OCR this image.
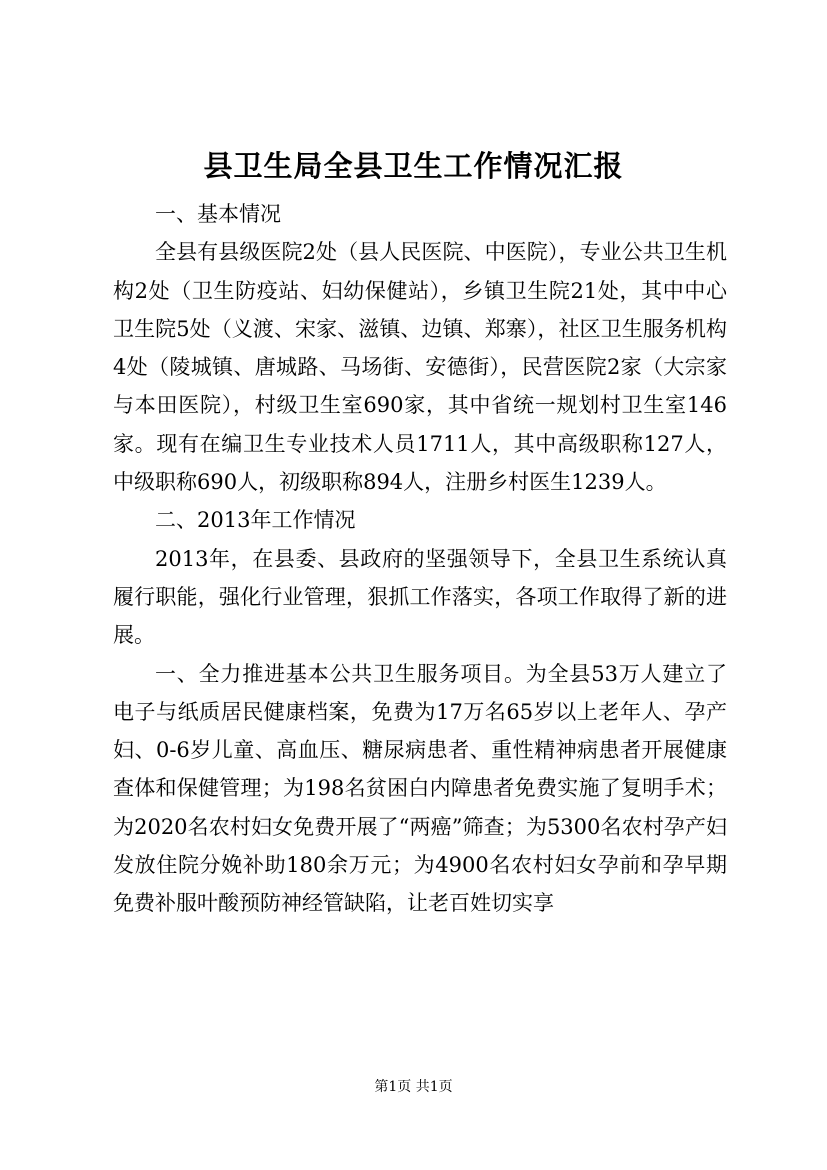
县卫生局全县卫生工作情况汇报

一、基本情况

全县有县级医院2处（县人民医院、中医院），专业公共卫生机构2处（卫生防疫站、妇幼保健站），乡镇卫生院21处，其中中心卫生院5处（义渡、宋家、滋镇、边镇、郑寨），社区卫生服务机构4处（陵城镇、唐城路、马场街、安德街），民营医院2家（大宗家与本田医院），村级卫生室690家，其中省统一规划村卫生室146家。现有在编卫生专业技术人员1711人，其中高级职称127人，中级职称690人，初级职称894人，注册乡村医生1239人。

二、2013年工作情况

2013年，在县委、县政府的坚强领导下，全县卫生系统认真履行职能，强化行业管理，狠抓工作落实，各项工作取得了新的进展。

一、全力推进基本公共卫生服务项目。为全县53万人建立了电子与纸质居民健康档案，免费为17万名65岁以上老年人、孕产妇、0-6岁儿童、高血压、糖尿病患者、重性精神病患者开展健康查体和保健管理；为198名贫困白内障患者免费实施了复明手术；为2020名农村妇女免费开展了“两癌”筛查；为5300名农村孕产妇发放住院分娩补助180余万元；为4900名农村妇女孕前和孕早期免费补服叶酸预防神经管缺陷，让老百姓切实享

第1页 共1页
